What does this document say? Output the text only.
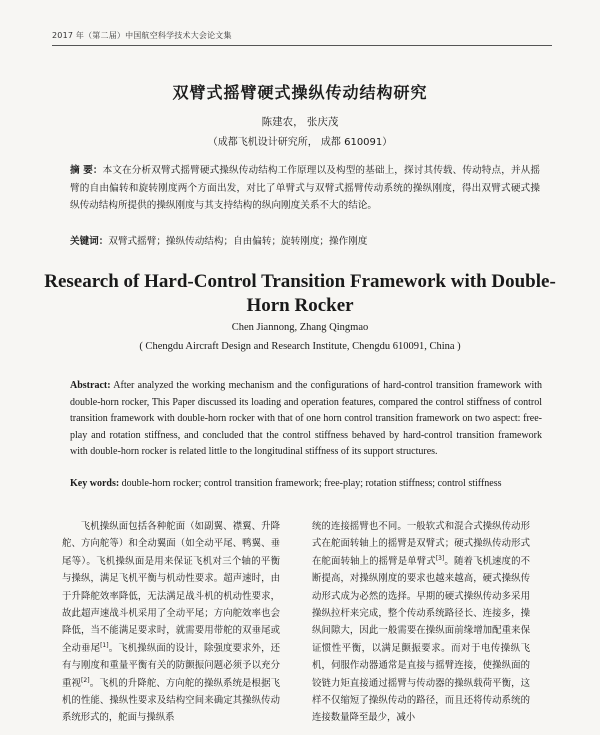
2017 年（第二届）中国航空科学技术大会论文集
双臂式摇臂硬式操纵传动结构研究
陈建农， 张庆茂
（成都飞机设计研究所， 成都 610091）
摘 要：本文在分析双臂式摇臂硬式操纵传动结构工作原理以及构型的基础上，探讨其传载、传动特点，并从摇臂的自由偏转和旋转刚度两个方面出发，对比了单臂式与双臂式摇臂传动系统的操纵刚度，得出双臂式硬式操纵传动结构所提供的操纵刚度与其支持结构的纵向刚度关系不大的结论。
关键词：双臂式摇臂；操纵传动结构；自由偏转；旋转刚度；操作刚度
Research of Hard-Control Transition Framework with Double- Horn Rocker
Chen Jiannong, Zhang Qingmao
( Chengdu Aircraft Design and Research Institute, Chengdu 610091, China )
Abstract: After analyzed the working mechanism and the configurations of hard-control transition framework with double-horn rocker, This Paper discussed its loading and operation features, compared the control stiffness of control transition framework with double-horn rocker with that of one horn control transition framework on two aspect: free-play and rotation stiffness, and concluded that the control stiffness behaved by hard-control transition framework with double-horn rocker is related little to the longitudinal stiffness of its support structures.
Key words: double-horn rocker; control transition framework; free-play; rotation stiffness; control stiffness
飞机操纵面包括各种舵面（如副翼、襟翼、升降舵、方向舵等）和全动翼面（如全动平尾、鸭翼、垂尾等）。飞机操纵面是用来保证飞机对三个轴的平衡与操纵，满足飞机平衡与机动性要求。超声速时，由于升降舵效率降低，无法满足战斗机的机动性要求，故此超声速战斗机采用了全动平尾；方向舵效率也会降低，当不能满足要求时，就需要用带舵的双垂尾或全动垂尾[1]。飞机操纵面的设计，除强度要求外，还有与刚度和重量平衡有关的防颤振问题必须予以充分重视[2]。飞机的升降舵、方向舵的操纵系统是根据飞机的性能、操纵性要求及结构空间来确定其操纵传动系统形式的，舵面与操纵系
统的连接摇臂也不同。一般软式和混合式操纵传动形式在舵面转轴上的摇臂是双臂式；硬式操纵传动形式在舵面转轴上的摇臂是单臂式[3]。随着飞机速度的不断提高，对操纵刚度的要求也越来越高，硬式操纵传动形式成为必然的选择。早期的硬式操纵传动多采用操纵拉杆来完成，整个传动系统路径长、连接多，操纵间隙大，因此一般需要在操纵面前缘增加配重来保证惯性平衡，以满足颤振要求。而对于电传操纵飞机，伺服作动器通常是直接与摇臂连接，使操纵面的铰链力矩直接通过摇臂与传动器的操纵载荷平衡，这样不仅缩短了操纵传动的路径，而且还将传动系统的连接数量降至最少，减小
